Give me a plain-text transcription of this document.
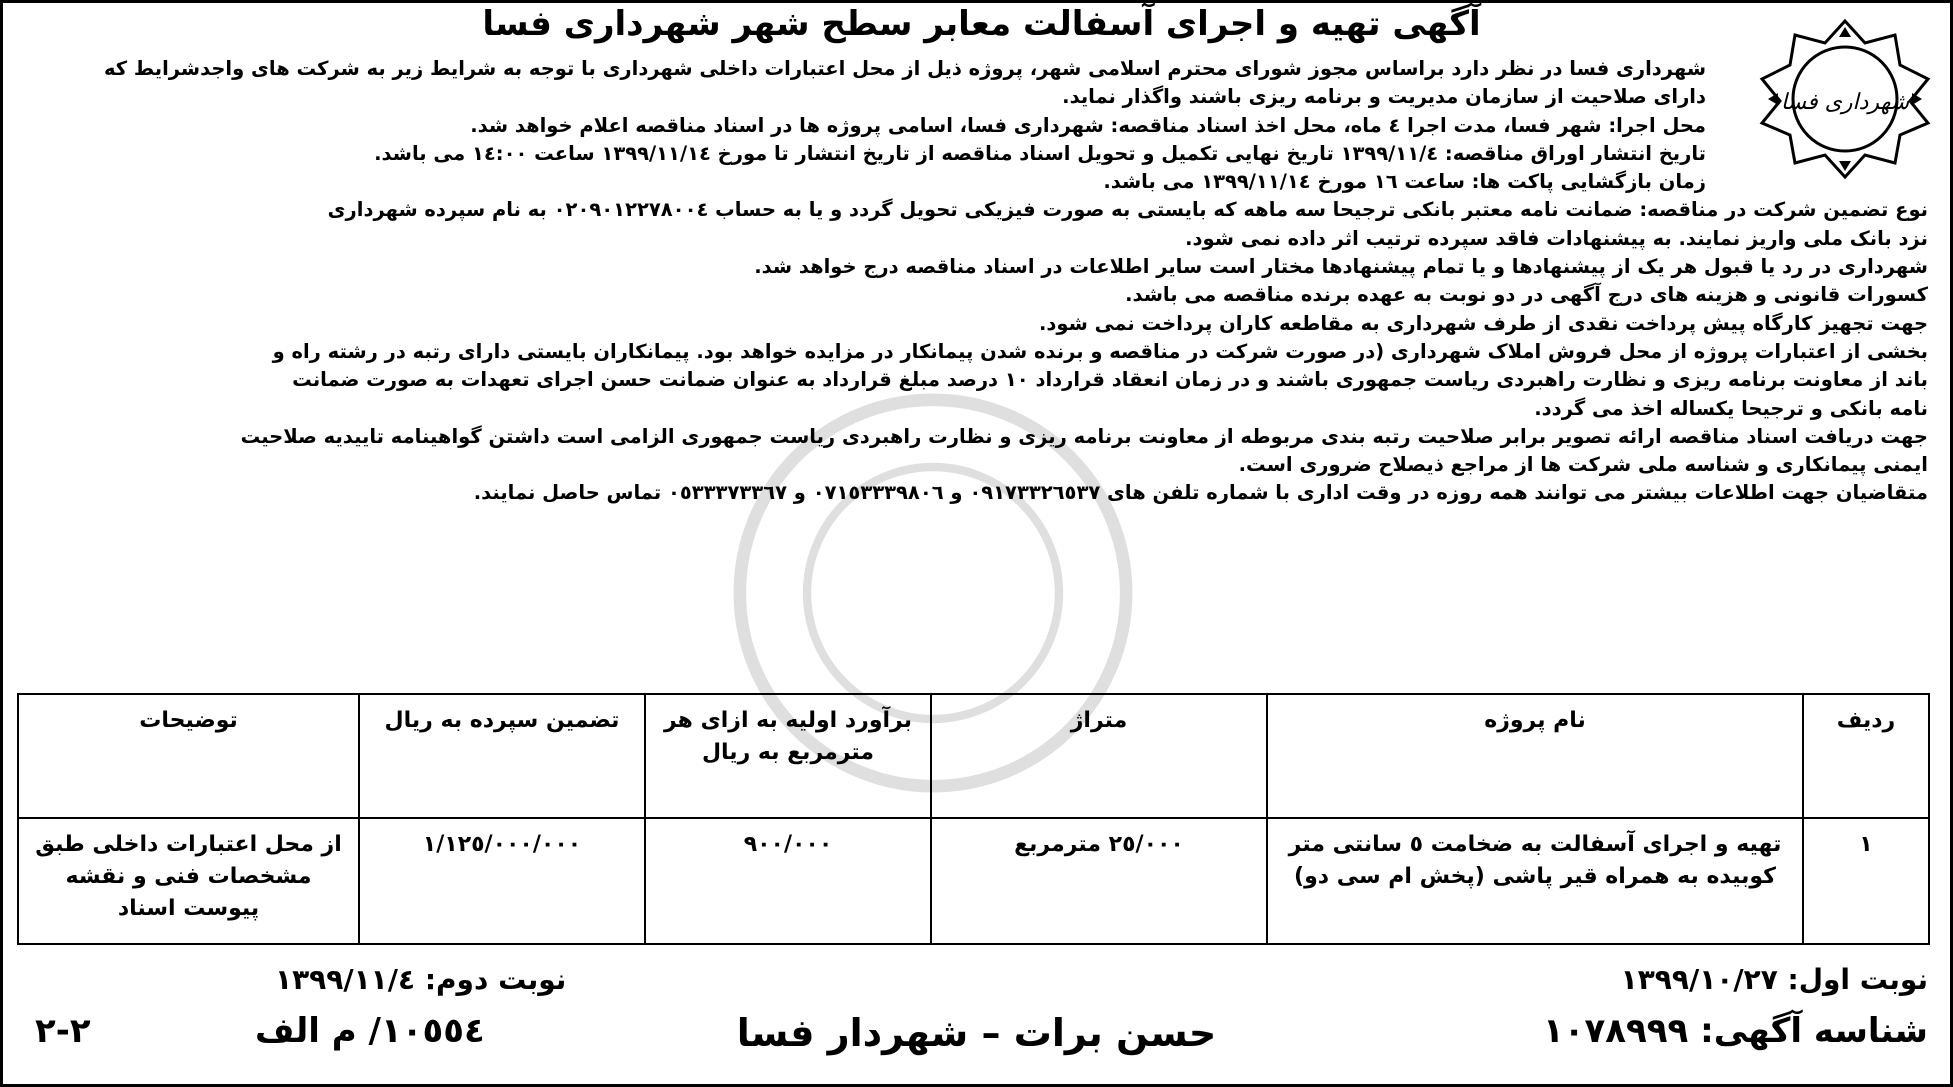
شهرداری فسا
آگهی تهیه و اجرای آسفالت معابر سطح شهر شهرداری فسا
شهرداری فسا در نظر دارد براساس مجوز شورای محترم اسلامی شهر، پروژه ذیل از محل اعتبارات داخلی شهرداری با توجه به شرایط زیر به شرکت های واجدشرایط که
دارای صلاحیت از سازمان مدیریت و برنامه ریزی باشند واگذار نماید.
محل اجرا: شهر فسا، مدت اجرا ٤ ماه، محل اخذ اسناد مناقصه: شهرداری فسا، اسامی پروژه ها در اسناد مناقصه اعلام خواهد شد.
تاریخ انتشار اوراق مناقصه: ١٣٩٩/١١/٤ تاریخ نهایی تکمیل و تحویل اسناد مناقصه از تاریخ انتشار تا مورخ ١٣٩٩/١١/١٤ ساعت ١٤:٠٠ می باشد.
زمان بازگشایی پاکت ها: ساعت ١٦ مورخ ١٣٩٩/١١/١٤ می باشد.
نوع تضمین شرکت در مناقصه: ضمانت نامه معتبر بانکی ترجیحا سه ماهه که بایستی به صورت فیزیکی تحویل گردد و یا به حساب ٠٢٠٩٠١٢٢٧٨٠٠٤ به نام سپرده شهرداری
نزد بانک ملی واریز نمایند. به پیشنهادات فاقد سپرده ترتیب اثر داده نمی شود.
شهرداری در رد یا قبول هر یک از پیشنهادها و یا تمام پیشنهادها مختار است سایر اطلاعات در اسناد مناقصه درج خواهد شد.
کسورات قانونی و هزینه های درج آگهی در دو نوبت به عهده برنده مناقصه می باشد.
جهت تجهیز کارگاه پیش پرداخت نقدی از طرف شهرداری به مقاطعه کاران پرداخت نمی شود.
بخشی از اعتبارات پروژه از محل فروش املاک شهرداری (در صورت شرکت در مناقصه و برنده شدن پیمانکار در مزایده خواهد بود. پیمانکاران بایستی دارای رتبه در رشته راه و
باند از معاونت برنامه ریزی و نظارت راهبردی ریاست جمهوری باشند و در زمان انعقاد قرارداد ١٠ درصد مبلغ قرارداد به عنوان ضمانت حسن اجرای تعهدات به صورت ضمانت
نامه بانکی و ترجیحا یکساله اخذ می گردد.
جهت دریافت اسناد مناقصه ارائه تصویر برابر صلاحیت رتبه بندی مربوطه از معاونت برنامه ریزی و نظارت راهبردی ریاست جمهوری الزامی است داشتن گواهینامه تاییدیه صلاحیت
ایمنی پیمانکاری و شناسه ملی شرکت ها از مراجع ذیصلاح ضروری است.
متقاضیان جهت اطلاعات بیشتر می توانند همه روزه در وقت اداری با شماره تلفن های ٠٩١٧٣٣٢٦٥٣٧ و ٠٧١٥٣٣٣٩٨٠٦ و ٠٥٣٣٣٧٣٣٦٧ تماس حاصل نمایند.
ردیف	نام پروژه	متراژ	برآورد اولیه به ازای هر مترمربع به ریال	تضمین سپرده به ریال	توضیحات
١	تهیه و اجرای آسفالت به ضخامت ٥ سانتی متر کوبیده به همراه قیر پاشی (پخش ام سی دو)	٢٥/٠٠٠ مترمربع	٩٠٠/٠٠٠	١/١٢٥/٠٠٠/٠٠٠	از محل اعتبارات داخلی طبق مشخصات فنی و نقشه پیوست اسناد
نوبت اول: ١٣٩٩/١٠/٢٧
نوبت دوم: ١٣٩٩/١١/٤
شناسه آگهی: ١٠٧٨٩٩٩
حسن برات – شهردار فسا
١٠٥٥٤/ م الف
٢-٢
